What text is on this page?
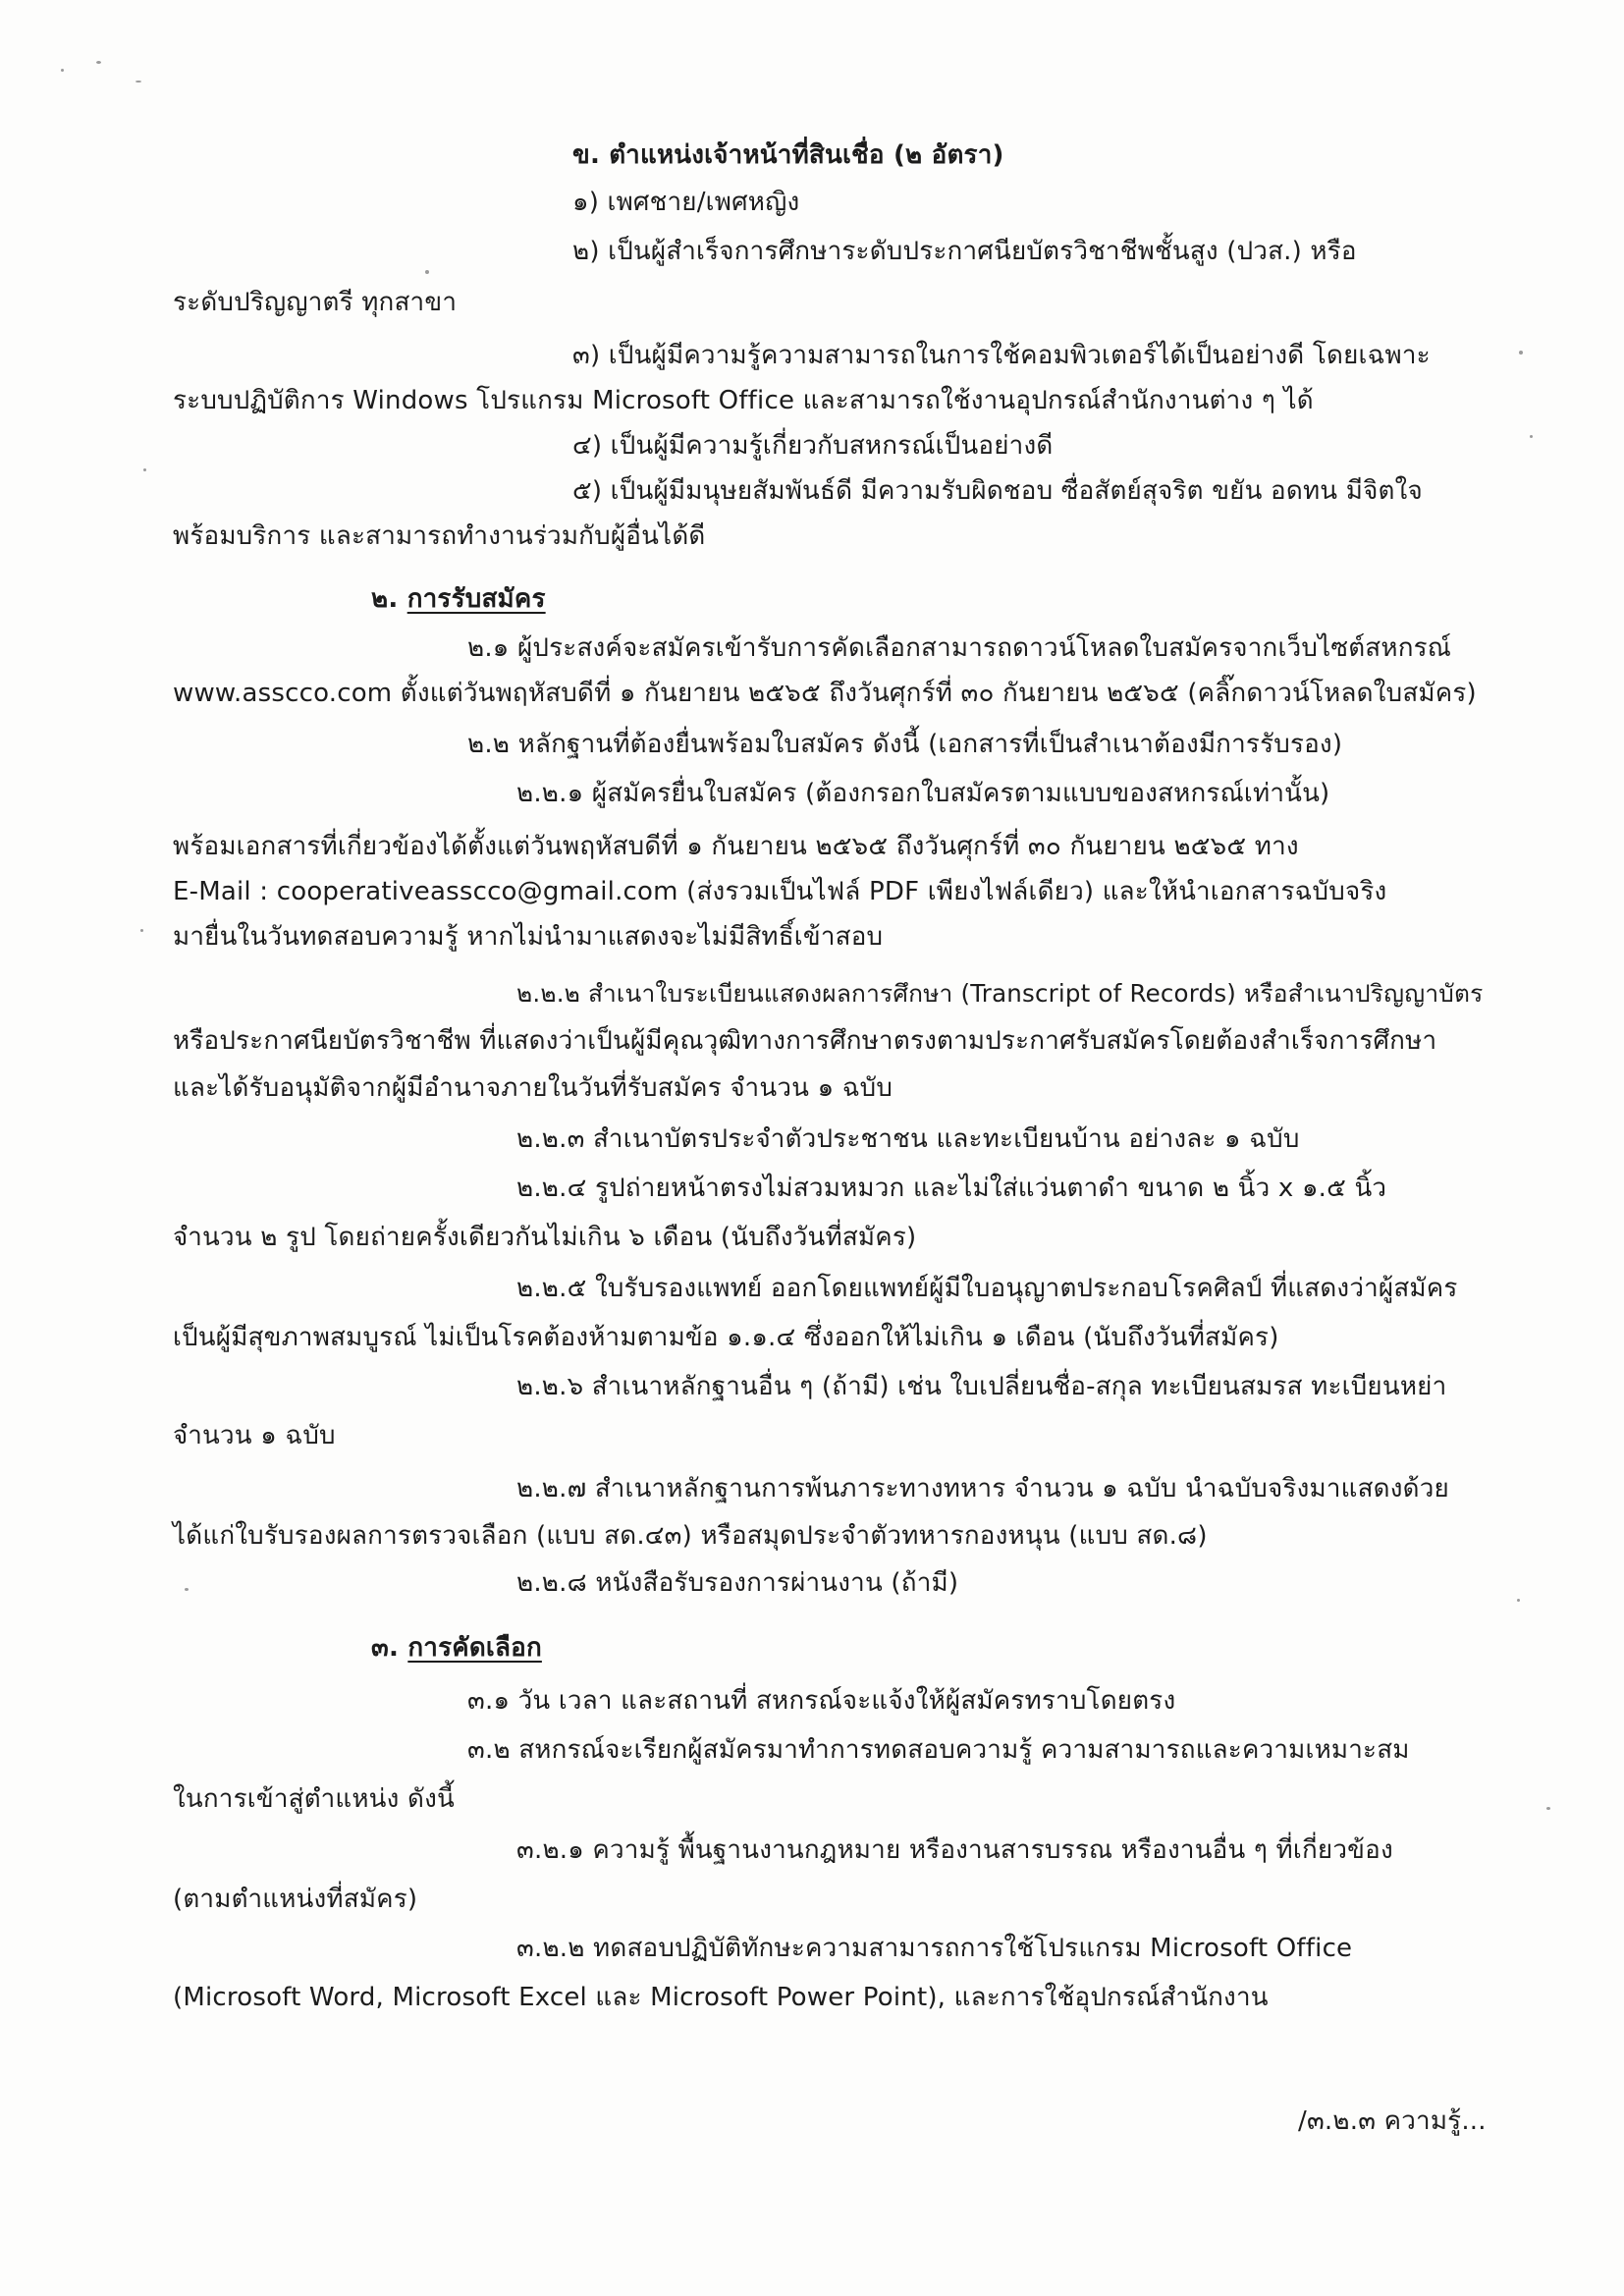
ข. ตำแหน่งเจ้าหน้าที่สินเชื่อ (๒ อัตรา)

๑) เพศชาย/เพศหญิง

๒) เป็นผู้สำเร็จการศึกษาระดับประกาศนียบัตรวิชาชีพชั้นสูง (ปวส.) หรือ

ระดับปริญญาตรี ทุกสาขา

๓) เป็นผู้มีความรู้ความสามารถในการใช้คอมพิวเตอร์ได้เป็นอย่างดี โดยเฉพาะ

ระบบปฏิบัติการ Windows โปรแกรม Microsoft Office และสามารถใช้งานอุปกรณ์สำนักงานต่าง ๆ ได้

๔) เป็นผู้มีความรู้เกี่ยวกับสหกรณ์เป็นอย่างดี

๕) เป็นผู้มีมนุษยสัมพันธ์ดี มีความรับผิดชอบ ซื่อสัตย์สุจริต ขยัน อดทน มีจิตใจ

พร้อมบริการ และสามารถทำงานร่วมกับผู้อื่นได้ดี

๒. การรับสมัคร

๒.๑ ผู้ประสงค์จะสมัครเข้ารับการคัดเลือกสามารถดาวน์โหลดใบสมัครจากเว็บไซต์สหกรณ์

www.asscco.com ตั้งแต่วันพฤหัสบดีที่ ๑ กันยายน ๒๕๖๕ ถึงวันศุกร์ที่ ๓๐ กันยายน ๒๕๖๕ (คลิ๊กดาวน์โหลดใบสมัคร)

๒.๒ หลักฐานที่ต้องยื่นพร้อมใบสมัคร ดังนี้ (เอกสารที่เป็นสำเนาต้องมีการรับรอง)

๒.๒.๑ ผู้สมัครยื่นใบสมัคร (ต้องกรอกใบสมัครตามแบบของสหกรณ์เท่านั้น)

พร้อมเอกสารที่เกี่ยวข้องได้ตั้งแต่วันพฤหัสบดีที่ ๑ กันยายน ๒๕๖๕ ถึงวันศุกร์ที่ ๓๐ กันยายน ๒๕๖๕ ทาง

E-Mail : cooperativeasscco@gmail.com (ส่งรวมเป็นไฟล์ PDF เพียงไฟล์เดียว) และให้นำเอกสารฉบับจริง

มายื่นในวันทดสอบความรู้ หากไม่นำมาแสดงจะไม่มีสิทธิ์เข้าสอบ

๒.๒.๒ สำเนาใบระเบียนแสดงผลการศึกษา (Transcript of Records) หรือสำเนาปริญญาบัตร

หรือประกาศนียบัตรวิชาชีพ ที่แสดงว่าเป็นผู้มีคุณวุฒิทางการศึกษาตรงตามประกาศรับสมัครโดยต้องสำเร็จการศึกษา

และได้รับอนุมัติจากผู้มีอำนาจภายในวันที่รับสมัคร จำนวน ๑ ฉบับ

๒.๒.๓ สำเนาบัตรประจำตัวประชาชน และทะเบียนบ้าน อย่างละ ๑ ฉบับ

๒.๒.๔ รูปถ่ายหน้าตรงไม่สวมหมวก และไม่ใส่แว่นตาดำ ขนาด ๒ นิ้ว x ๑.๕ นิ้ว

จำนวน ๒ รูป โดยถ่ายครั้งเดียวกันไม่เกิน ๖ เดือน (นับถึงวันที่สมัคร)

๒.๒.๕ ใบรับรองแพทย์ ออกโดยแพทย์ผู้มีใบอนุญาตประกอบโรคศิลป์ ที่แสดงว่าผู้สมัคร

เป็นผู้มีสุขภาพสมบูรณ์ ไม่เป็นโรคต้องห้ามตามข้อ ๑.๑.๔ ซึ่งออกให้ไม่เกิน ๑ เดือน (นับถึงวันที่สมัคร)

๒.๒.๖ สำเนาหลักฐานอื่น ๆ (ถ้ามี) เช่น ใบเปลี่ยนชื่อ-สกุล ทะเบียนสมรส ทะเบียนหย่า

จำนวน ๑ ฉบับ

๒.๒.๗ สำเนาหลักฐานการพ้นภาระทางทหาร จำนวน ๑ ฉบับ นำฉบับจริงมาแสดงด้วย

ได้แก่ใบรับรองผลการตรวจเลือก (แบบ สด.๔๓) หรือสมุดประจำตัวทหารกองหนุน (แบบ สด.๘)

๒.๒.๘ หนังสือรับรองการผ่านงาน (ถ้ามี)

๓. การคัดเลือก

๓.๑ วัน เวลา และสถานที่ สหกรณ์จะแจ้งให้ผู้สมัครทราบโดยตรง

๓.๒ สหกรณ์จะเรียกผู้สมัครมาทำการทดสอบความรู้ ความสามารถและความเหมาะสม

ในการเข้าสู่ตำแหน่ง ดังนี้

๓.๒.๑ ความรู้ พื้นฐานงานกฎหมาย หรืองานสารบรรณ หรืองานอื่น ๆ ที่เกี่ยวข้อง

(ตามตำแหน่งที่สมัคร)

๓.๒.๒ ทดสอบปฏิบัติทักษะความสามารถการใช้โปรแกรม Microsoft Office

(Microsoft Word, Microsoft Excel และ Microsoft Power Point), และการใช้อุปกรณ์สำนักงาน

/๓.๒.๓ ความรู้...
